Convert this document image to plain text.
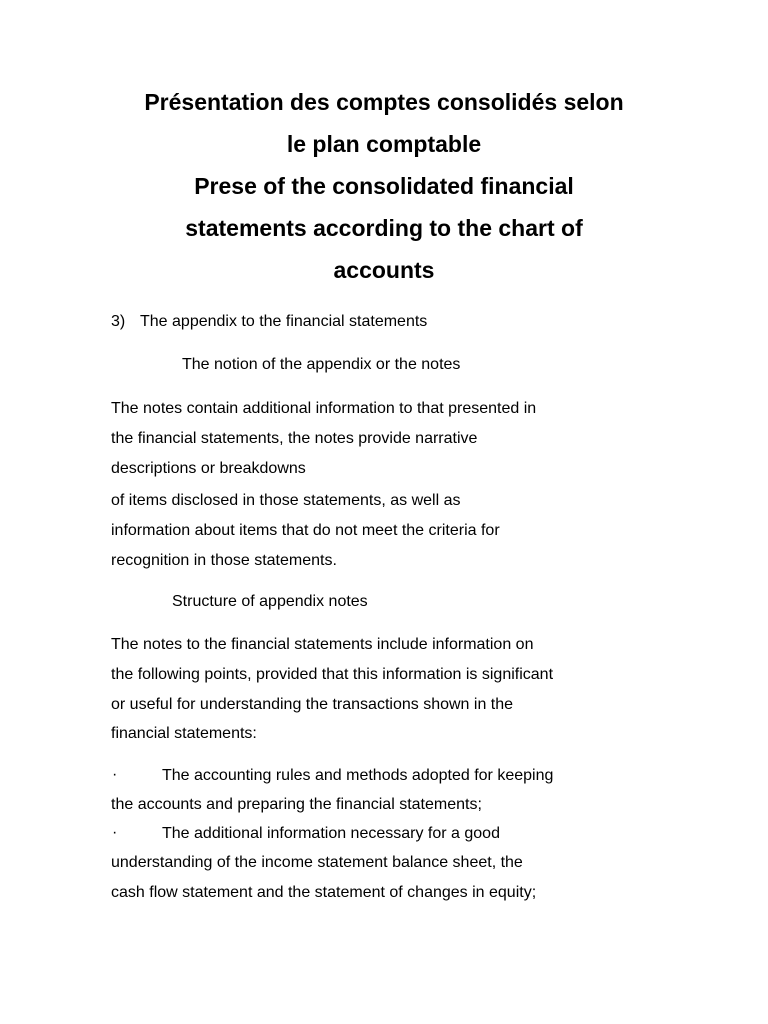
Présentation des comptes consolidés selon
le plan comptable
Prese of the consolidated financial
statements according to the chart of
accounts
3) The appendix to the financial statements
The notion of the appendix or the notes
The notes contain additional information to that presented in
the financial statements, the notes provide narrative
descriptions or breakdowns
of items disclosed in those statements, as well as
information about items that do not meet the criteria for
recognition in those statements.
Structure of appendix notes
The notes to the financial statements include information on
the following points, provided that this information is significant
or useful for understanding the transactions shown in the
financial statements:
·	The accounting rules and methods adopted for keeping
the accounts and preparing the financial statements;
·	The additional information necessary for a good
understanding of the income statement balance sheet, the
cash flow statement and the statement of changes in equity;
